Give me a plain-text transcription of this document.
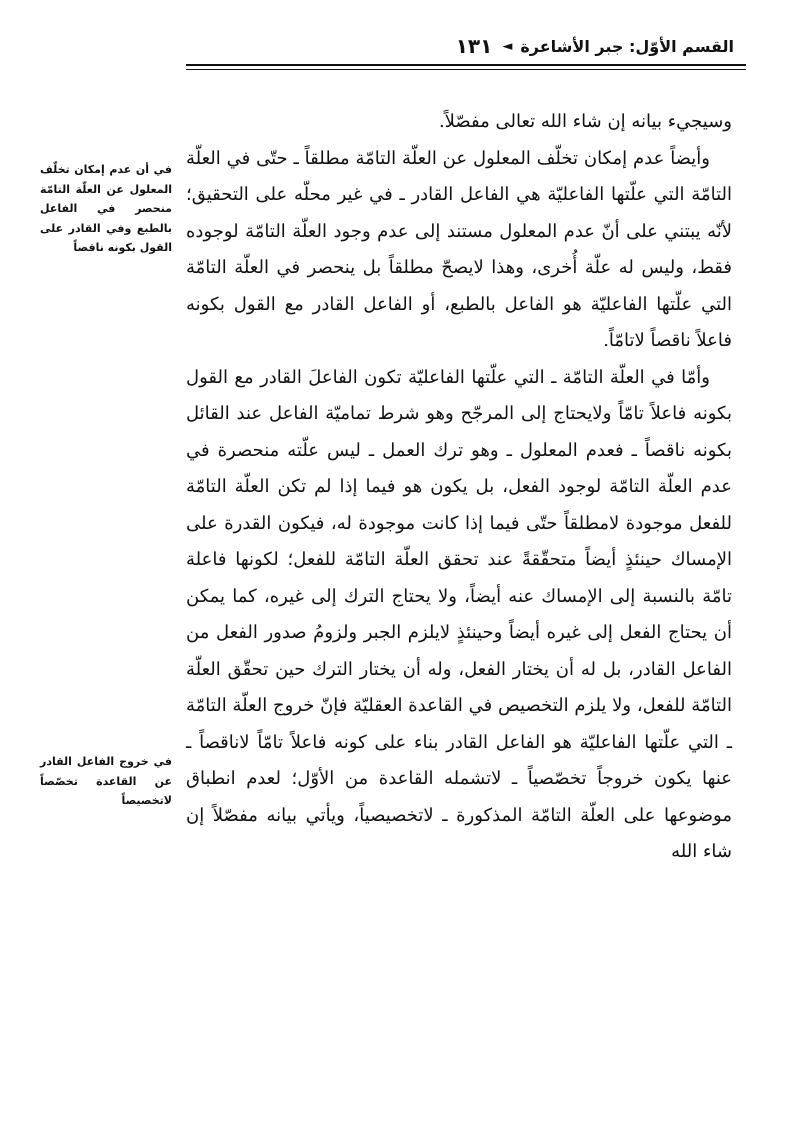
القسم الأوّل: جبر الأشاعرة
◄
١٣١
في أن عدم إمكان تخلّف المعلول عن العلّة التامّة منحصر في الفاعل بالطبع وفي القادر على القول بكونه ناقصاً
في خروج الفاعل القادر عن القاعدة تخصّصاً لاتخصيصاً

وسيجيء بيانه إن شاء الله تعالى مفصّلاً.

وأيضاً عدم إمكان تخلّف المعلول عن العلّة التامّة مطلقاً ـ حتّى في العلّة التامّة التي علّتها الفاعليّة هي الفاعل القادر ـ في غير محلّه على التحقيق؛ لأنّه يبتني على أنّ عدم المعلول مستند إلى عدم وجود العلّة التامّة لوجوده فقط، وليس له علّة أُخرى، وهذا لايصحّ مطلقاً بل ينحصر في العلّة التامّة التي علّتها الفاعليّة هو الفاعل بالطبع، أو الفاعل القادر مع القول بكونه فاعلاً ناقصاً لاتامّاً.

وأمّا في العلّة التامّة ـ التي علّتها الفاعليّة تكون الفاعلَ القادر مع القول بكونه فاعلاً تامّاً ولايحتاج إلى المرجّح وهو شرط تماميّة الفاعل عند القائل بكونه ناقصاً ـ فعدم المعلول ـ وهو ترك العمل ـ ليس علّته منحصرة في عدم العلّة التامّة لوجود الفعل، بل يكون هو فيما إذا لم تكن العلّة التامّة للفعل موجودة لامطلقاً حتّى فيما إذا كانت موجودة له، فيكون القدرة على الإمساك حينئذٍ أيضاً متحقّقةً عند تحقق العلّة التامّة للفعل؛ لكونها فاعلة تامّة بالنسبة إلى الإمساك عنه أيضاً، ولا يحتاج الترك إلى غيره، كما يمكن أن يحتاج الفعل إلى غيره أيضاً وحينئذٍ لايلزم الجبر ولزومُ صدور الفعل من الفاعل القادر، بل له أن يختار الفعل، وله أن يختار الترك حين تحقّق العلّة التامّة للفعل، ولا يلزم التخصيص في القاعدة العقليّة فإنّ خروج العلّة التامّة ـ التي علّتها الفاعليّة هو الفاعل القادر بناء على كونه فاعلاً تامّاً لاناقصاً ـ عنها يكون خروجاً تخصّصياً ـ لاتشمله القاعدة من الأوّل؛ لعدم انطباق موضوعها على العلّة التامّة المذكورة ـ لاتخصيصياً، ويأتي بيانه مفصّلاً إن شاء الله
